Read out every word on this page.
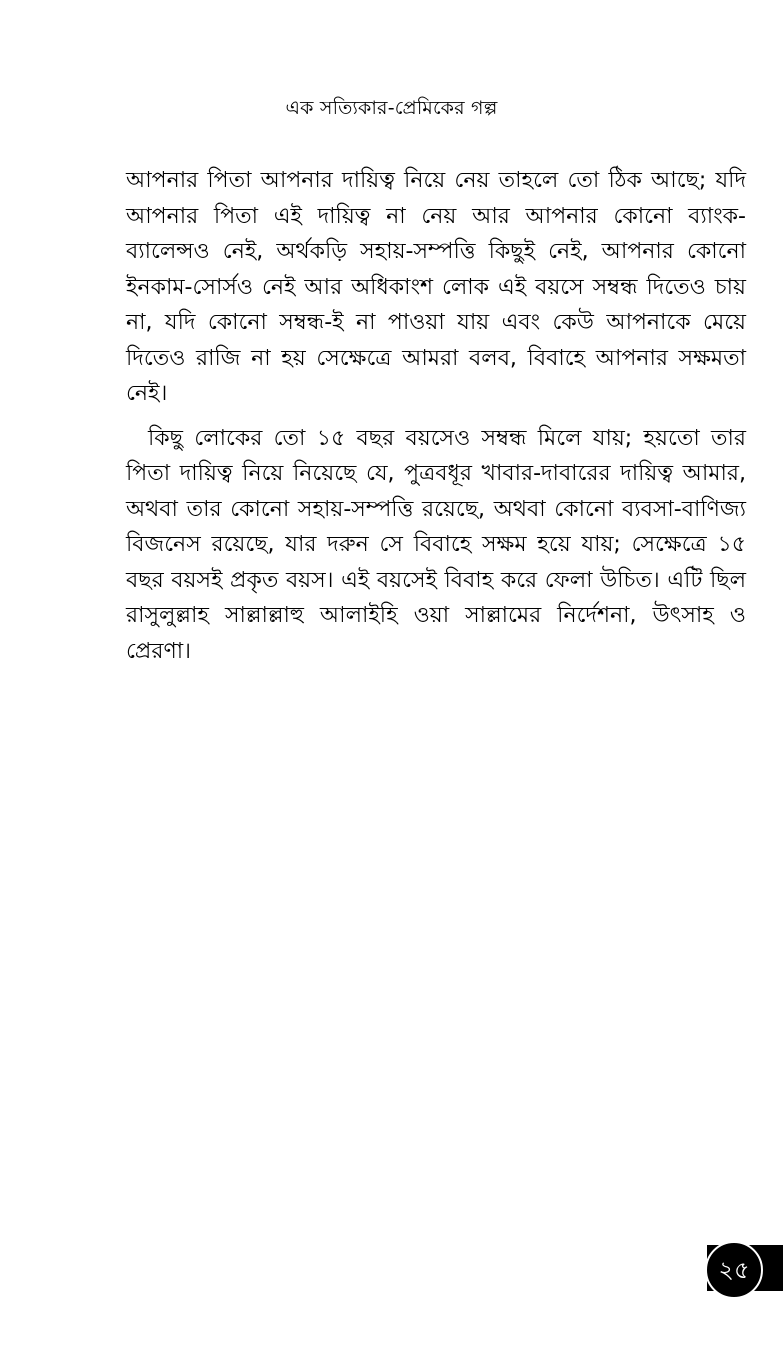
এক সত্যিকার-প্রেমিকের গল্প

আপনার পিতা আপনার দায়িত্ব নিয়ে নেয় তাহলে তো ঠিক আছে; যদি আপনার পিতা এই দায়িত্ব না নেয় আর আপনার কোনো ব্যাংক-ব্যালেন্সও নেই, অর্থকড়ি সহায়-সম্পত্তি কিছুই নেই, আপনার কোনো ইনকাম-সোর্সও নেই আর অধিকাংশ লোক এই বয়সে সম্বন্ধ দিতেও চায় না, যদি কোনো সম্বন্ধ-ই না পাওয়া যায় এবং কেউ আপনাকে মেয়ে দিতেও রাজি না হয় সেক্ষেত্রে আমরা বলব, বিবাহে আপনার সক্ষমতা নেই।

কিছু লোকের তো ১৫ বছর বয়সেও সম্বন্ধ মিলে যায়; হয়তো তার পিতা দায়িত্ব নিয়ে নিয়েছে যে, পুত্রবধূর খাবার-দাবারের দায়িত্ব আমার, অথবা তার কোনো সহায়-সম্পত্তি রয়েছে, অথবা কোনো ব্যবসা-বাণিজ্য বিজনেস রয়েছে, যার দরুন সে বিবাহে সক্ষম হয়ে যায়; সেক্ষেত্রে ১৫ বছর বয়সই প্রকৃত বয়স। এই বয়সেই বিবাহ করে ফেলা উচিত। এটি ছিল রাসুলুল্লাহ সাল্লাল্লাহু আলাইহি ওয়া সাল্লামের নির্দেশনা, উৎসাহ ও প্রেরণা।

২৫
